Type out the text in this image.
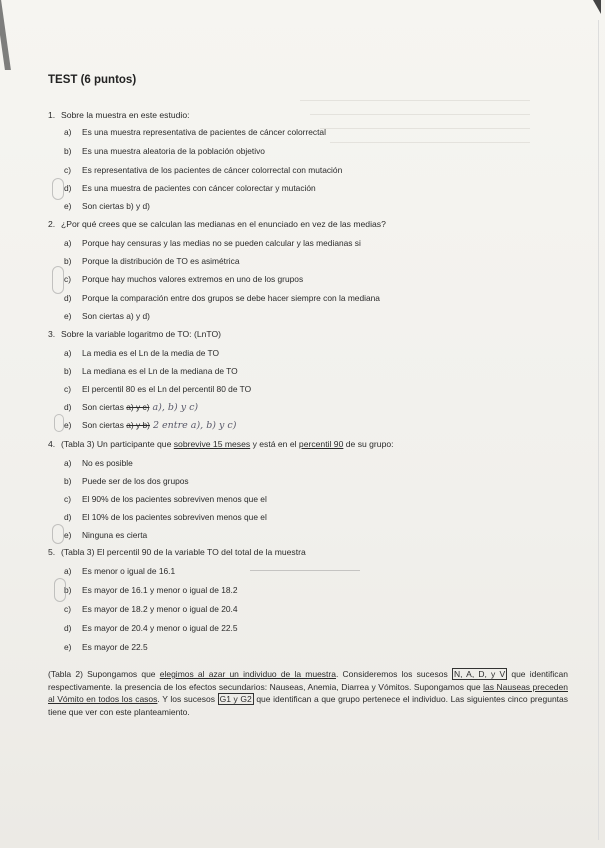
TEST (6 puntos)
1. Sobre la muestra en este estudio:
a) Es una muestra representativa de pacientes de cáncer colorrectal
b) Es una muestra aleatoria de la población objetivo
c) Es representativa de los pacientes de cáncer colorrectal con mutación
d) Es una muestra de pacientes con cáncer colorectar y mutación
e) Son ciertas b) y d)
2. ¿Por qué crees que se calculan las medianas en el enunciado en vez de las medias?
a) Porque hay censuras y las medias no se pueden calcular y las medianas si
b) Porque la distribución de TO es asimétrica
c) Porque hay muchos valores extremos en uno de los grupos
d) Porque la comparación entre dos grupos se debe hacer siempre con la mediana
e) Son ciertas a) y d)
3. Sobre la variable logaritmo de TO: (LnTO)
a) La media es el Ln de la media de TO
b) La mediana es el Ln de la mediana de TO
c) El percentil 80 es el Ln del percentil 80 de TO
d) Son ciertas a) y c) a), b) y c)
e) Son ciertas a) y b) 2 entre a), b) y c)
4. (Tabla 3) Un participante que sobrevive 15 meses y está en el percentil 90 de su grupo:
a) No es posible
b) Puede ser de los dos grupos
c) El 90% de los pacientes sobreviven menos que el
d) El 10% de los pacientes sobreviven menos que el
e) Ninguna es cierta
5. (Tabla 3) El percentil 90 de la variable TO del total de la muestra
a) Es menor o igual de 16.1
b) Es mayor de 16.1 y menor o igual de 18.2
c) Es mayor de 18.2 y menor o igual de 20.4
d) Es mayor de 20.4 y menor o igual de 22.5
e) Es mayor de 22.5
(Tabla 2) Supongamos que elegimos al azar un individuo de la muestra. Consideremos los sucesos N, A, D, y V que identifican respectivamente. la presencia de los efectos secundarios: Nauseas, Anemia, Diarrea y Vómitos. Supongamos que las Nauseas preceden al Vómito en todos los casos. Y los sucesos G1 y G2 que identifican a que grupo pertenece el individuo. Las siguientes cinco preguntas tiene que ver con este planteamiento.
